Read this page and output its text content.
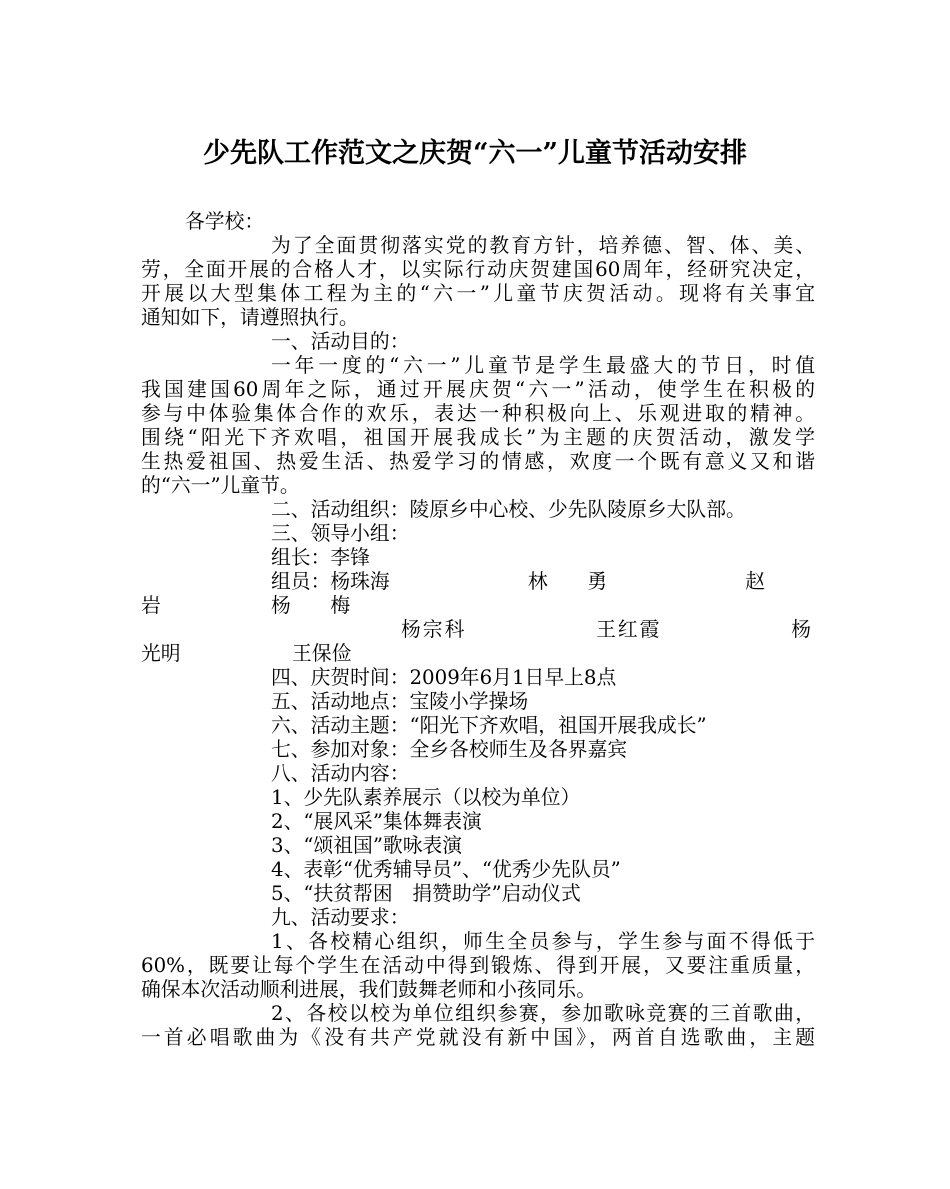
少先队工作范文之庆贺“六一”儿童节活动安排
各学校：
为了全面贯彻落实党的教育方针，培养德、智、体、美、
劳，全面开展的合格人才，以实际行动庆贺建国60周年，经研究决定，
开展以大型集体工程为主的“六一”儿童节庆贺活动。现将有关事宜
通知如下，请遵照执行。
一、活动目的：
一年一度的“六一”儿童节是学生最盛大的节日，时值
我国建国60周年之际，通过开展庆贺“六一”活动，使学生在积极的
参与中体验集体合作的欢乐，表达一种积极向上、乐观进取的精神。
围绕“阳光下齐欢唱，祖国开展我成长”为主题的庆贺活动，激发学
生热爱祖国、热爱生活、热爱学习的情感，欢度一个既有意义又和谐
的“六一”儿童节。
二、活动组织：陵原乡中心校、少先队陵原乡大队部。
三、领导小组：
组长：李锋
组员：杨珠海	林　　勇	赵
岩	杨　　梅
杨宗科	王红霞	杨
光明	王保俭
四、庆贺时间：2009年6月1日早上8点
五、活动地点：宝陵小学操场
六、活动主题：“阳光下齐欢唱，祖国开展我成长”
七、参加对象：全乡各校师生及各界嘉宾
八、活动内容：
1、少先队素养展示（以校为单位）
2、“展风采”集体舞表演
3、“颂祖国”歌咏表演
4、表彰“优秀辅导员”、“优秀少先队员”
5、“扶贫帮困　捐赞助学”启动仪式
九、活动要求：
1、各校精心组织，师生全员参与，学生参与面不得低于
60%，既要让每个学生在活动中得到锻炼、得到开展，又要注重质量，
确保本次活动顺利进展，我们鼓舞老师和小孩同乐。
2、各校以校为单位组织参赛，参加歌咏竞赛的三首歌曲，
一首必唱歌曲为《没有共产党就没有新中国》，两首自选歌曲，主题
